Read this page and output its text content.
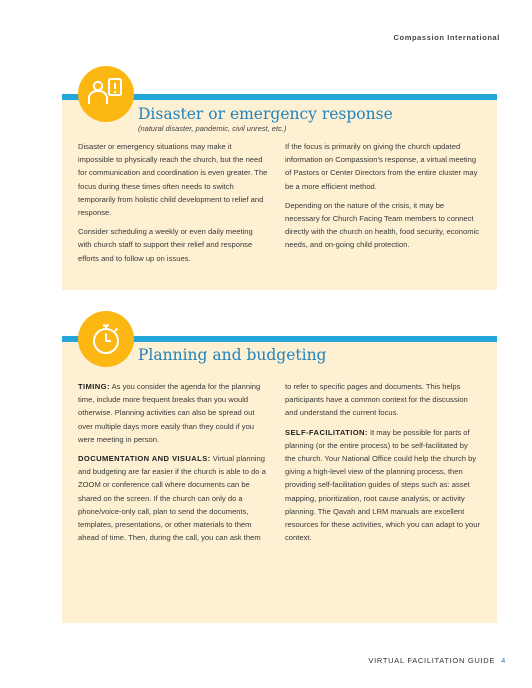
Compassion International
Disaster or emergency response
(natural disaster, pandemic, civil unrest, etc.)

Disaster or emergency situations may make it impossible to physically reach the church, but the need for communication and coordination is even greater. The focus during these times often needs to switch temporarily from holistic child development to relief and response.

Consider scheduling a weekly or even daily meeting with church staff to support their relief and response efforts and to follow up on issues.

If the focus is primarily on giving the church updated information on Compassion’s response, a virtual meeting of Pastors or Center Directors from the entire cluster may be a more efficient method.

Depending on the nature of the crisis, it may be necessary for Church Facing Team members to connect directly with the church on health, food security, economic needs, and on-going child protection.

Planning and budgeting

TIMING: As you consider the agenda for the planning time, include more frequent breaks than you would otherwise. Planning activities can also be spread out over multiple days more easily than they could if you were meeting in person.

DOCUMENTATION AND VISUALS: Virtual planning and budgeting are far easier if the church is able to do a ZOOM or conference call where documents can be shared on the screen. If the church can only do a phone/voice-only call, plan to send the documents, templates, presentations, or other materials to them ahead of time. Then, during the call, you can ask them

to refer to specific pages and documents. This helps participants have a common context for the discussion and understand the current focus.

SELF-FACILITATION: It may be possible for parts of planning (or the entire process) to be self-facilitated by the church. Your National Office could help the church by giving a high-level view of the planning process, then providing self-facilitation guides of steps such as: asset mapping, prioritization, root cause analysis, or activity planning. The Qavah and LRM manuals are excellent resources for these activities, which you can adapt to your context.

VIRTUAL FACILITATION GUIDE 4
